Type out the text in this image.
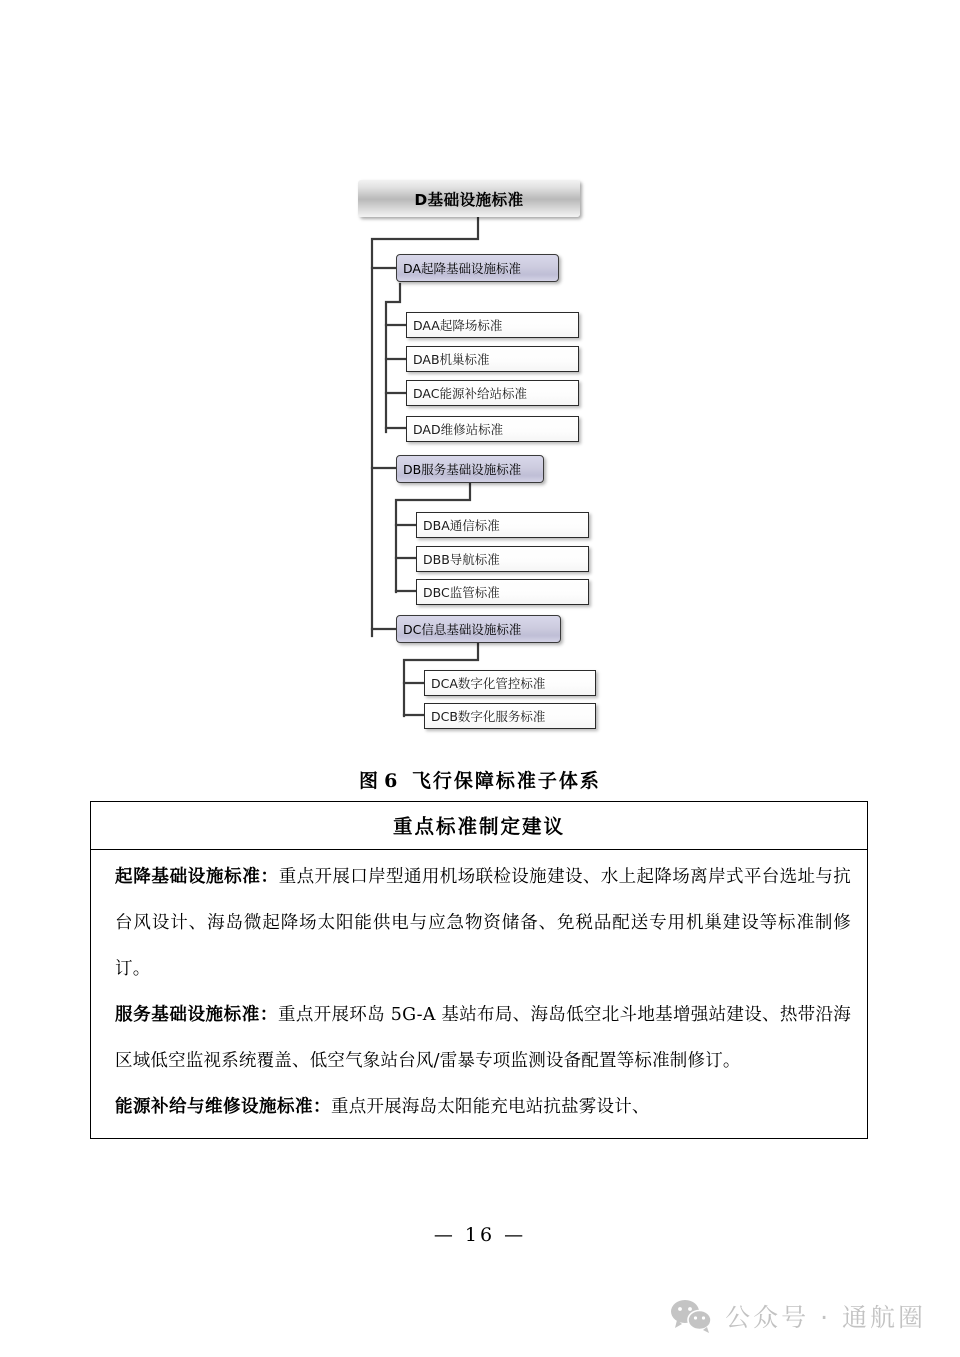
D基础设施标准
DA起降基础设施标准
DAA起降场标准
DAB机巢标准
DAC能源补给站标准
DAD维修站标准
DB服务基础设施标准
DBA通信标准
DBB导航标准
DBC监管标准
DC信息基础设施标准
DCA数字化管控标准
DCB数字化服务标准
图 6 飞行保障标准子体系
重点标准制定建议

起降基础设施标准：重点开展口岸型通用机场联检设施建设、水上起降场离岸式平台选址与抗台风设计、海岛微起降场太阳能供电与应急物资储备、免税品配送专用机巢建设等标准制修订。

服务基础设施标准：重点开展环岛 5G-A 基站布局、海岛低空北斗地基增强站建设、热带沿海区域低空监视系统覆盖、低空气象站台风/雷暴专项监测设备配置等标准制修订。

能源补给与维修设施标准：重点开展海岛太阳能充电站抗盐雾设计、

— 16 —
公众号 · 通航圈
